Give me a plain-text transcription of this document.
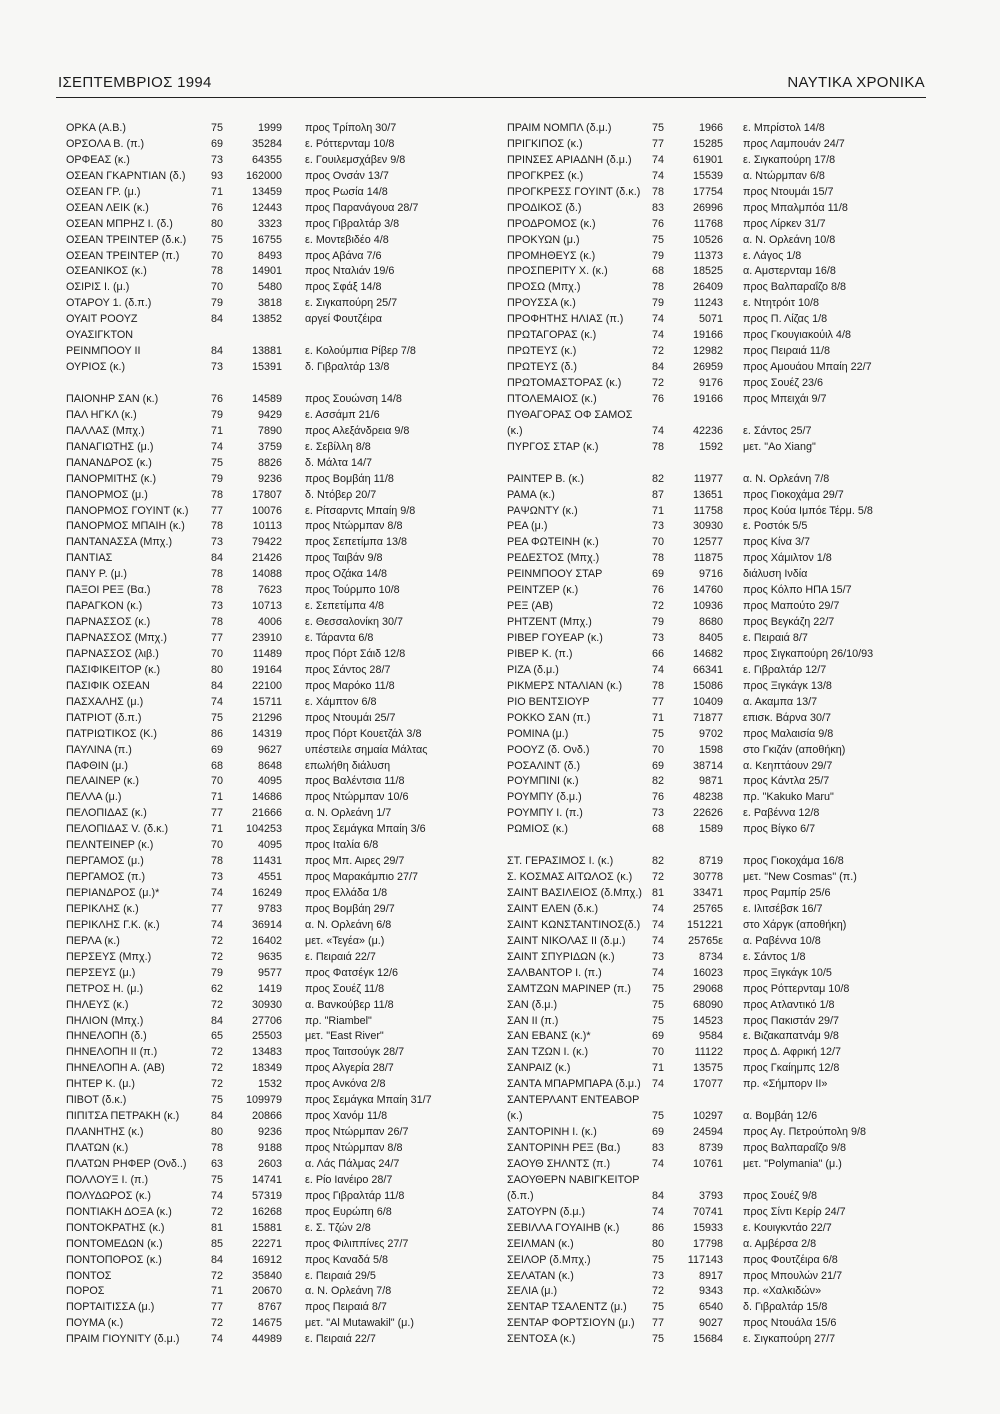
ΙΣΕΠΤΕΜΒΡΙΟΣ 1994	ΝΑΥΤΙΚΑ ΧΡΟΝΙΚΑ
ΟΡΚΑ (Α.Β.)	75	1999 προς Τρίπολη 30/7
ΟΡΣΟΛΑ Β. (π.)	69	35284 ε. Ρόττερνταμ 10/8
ΟΡΦΕΑΣ (κ.)	73	64355 ε. Γουιλεμσχάβεν 9/8
ΟΣΕΑΝ ΓΚΑΡΝΤΙΑΝ (δ.) 93	162000 προς Ονσάν 13/7
ΟΣΕΑΝ ΓΡ. (μ.)	71	13459 προς Ρωσία 14/8
ΟΣΕΑΝ ΛΕΙΚ (κ.)	76	12443 προς Παρανάγουα 28/7
ΟΣΕΑΝ ΜΠΡΗΖ Ι. (δ.)	80	3323 προς Γιβραλτάρ 3/8
ΟΣΕΑΝ ΤΡΕΙΝΤΕΡ (δ.κ.) 75	16755 ε. Μοντεβιδέο 4/8
ΟΣΕΑΝ ΤΡΕΙΝΤΕΡ (π.)	70	8493 προς Αβάνα 7/6
ΟΣΕΑΝΙΚΟΣ (κ.)	78	14901 προς Νταλιάν 19/6
ΟΣΙΡΙΣ Ι. (μ.)	70	5480 προς Σφάξ 14/8
ΟΤΑΡΟΥ 1. (δ.π.)	79	3818 ε. Σιγκαπούρη 25/7
ΟΥΑΙΤ ΡΟΟΥΖ	84	13852 αργεί Φουτζέιρα
ΟΥΑΣΙΓΚΤΟΝ
ΡΕΙΝΜΠΟΟΥ ΙΙ	84	13881 ε. Κολούμπια Ρίβερ 7/8
ΟΥΡΙΟΣ (κ.)	73	15391 δ. Γιβραλτάρ 13/8
ΠΑΙΟΝΗΡ ΣΑΝ (κ.)	76	14589 προς Σουώνση 14/8
ΠΑΛ ΗΓΚΛ (κ.)	79	9429 ε. Ασσάμπ 21/6
ΠΑΛΛΑΣ (Μπχ.)	71	7890 προς Αλεξάνδρεια 9/8
ΠΑΝΑΓΙΩΤΗΣ (μ.)	74	3759 ε. Σεβίλλη 8/8
ΠΑΝΑΝΔΡΟΣ (κ.)	75	8826 δ. Μάλτα 14/7
ΠΑΝΟΡΜΙΤΗΣ (κ.)	79	9236 προς Βομβάη 11/8
ΠΑΝΟΡΜΟΣ (μ.)	78	17807 δ. Ντόβερ 20/7
ΠΑΝΟΡΜΟΣ ΓΟΥΙΝΤ (κ.) 77	10076 ε. Ρίτσαρντς Μπαίη 9/8
ΠΑΝΟΡΜΟΣ ΜΠΑΙΗ (κ.) 78	10113 προς Ντώρμπαν 8/8
ΠΑΝΤΑΝΑΣΣΑ (Μπχ.)	73	79422 προς Σεπετίμπα 13/8
ΠΑΝΤΙΑΣ	84	21426 προς Ταιβάν 9/8
ΠΑΝΥ Ρ. (μ.)	78	14088 προς Οζάκα 14/8
ΠΑΞΟΙ ΡΕΞ (Βα.)	78	7623 προς Τούρμπο 10/8
ΠΑΡΑΓΚΟΝ (κ.)	73	10713 ε. Σεπετίμπα 4/8
ΠΑΡΝΑΣΣΟΣ (κ.)	78	4006 ε. Θεσσαλονίκη 30/7
ΠΑΡΝΑΣΣΟΣ (Μπχ.)	77	23910 ε. Τάραντα 6/8
ΠΑΡΝΑΣΣΟΣ (λιβ.)	70	11489 προς Πόρτ Σάιδ 12/8
ΠΑΣΙΦΙΚΕΙΤΟΡ (κ.)	80	19164 προς Σάντος 28/7
ΠΑΣΙΦΙΚ ΟΣΕΑΝ	84	22100 προς Μαρόκο 11/8
ΠΑΣΧΑΛΗΣ (μ.)	74	15711 ε. Χάμπτον 6/8
ΠΑΤΡΙΟΤ (δ.π.)	75	21296 προς Ντουμάι 25/7
ΠΑΤΡΙΩΤΙΚΟΣ (Κ.)	86	14319 προς Πόρτ Κουετζάλ 3/8
ΠΑΥΛΙΝΑ (π.)	69	9627 υπέστειλε σημαία Μάλτας
ΠΑΦΘΙΝ (μ.)	68	8648 επωλήθη διάλυση
ΠΕΛΑΙΝΕΡ (κ.)	70	4095 προς Βαλέντσια 11/8
ΠΕΛΛΑ (μ.)	71	14686 προς Ντώρμπαν 10/6
ΠΕΛΟΠΙΔΑΣ (κ.)	77	21666 α. Ν. Ορλεάνη 1/7
ΠΕΛΟΠΙΔΑΣ V. (δ.κ.)	71	104253 προς Σεμάγκα Μπαίη 3/6
ΠΕΛΝΤΕΙΝΕΡ (κ.)	70	4095 προς Ιταλία 6/8
ΠΕΡΓΑΜΟΣ (μ.)	78	11431 προς Μπ. Αιρες 29/7
ΠΕΡΓΑΜΟΣ (π.)	73	4551 προς Μαρακάμπιο 27/7
ΠΕΡΙΑΝΔΡΟΣ (μ.)*	74	16249 προς Ελλάδα 1/8
ΠΕΡΙΚΛΗΣ (κ.)	77	9783 προς Βομβάη 29/7
ΠΕΡΙΚΛΗΣ Γ.Κ. (κ.)	74	36914 α. Ν. Ορλεάνη 6/8
ΠΕΡΛΑ (κ.)	72	16402 μετ. «Τεγέα» (μ.)
ΠΕΡΣΕΥΣ (Μπχ.)	72	9635 ε. Πειραιά 22/7
ΠΕΡΣΕΥΣ (μ.)	79	9577 προς Φατσέγκ 12/6
ΠΕΤΡΟΣ Η. (μ.)	62	1419 προς Σουέζ 11/8
ΠΗΛΕΥΣ (κ.)	72	30930 α. Βανκούβερ 11/8
ΠΗΛΙΟΝ (Μπχ.)	84	27706 πρ. "Riambel"
ΠΗΝΕΛΟΠΗ (δ.)	65	25503 μετ. "East River"
ΠΗΝΕΛΟΠΗ ΙΙ (π.)	72	13483 προς Ταιτσούγκ 28/7
ΠΗΝΕΛΟΠΗ Α. (ΑΒ)	72	18349 προς Αλγερία 28/7
ΠΗΤΕΡ Κ. (μ.)	72	1532 προς Ανκόνα 2/8
ΠΙΒΟΤ (δ.κ.)	75	109979 προς Σεμάγκα Μπαίη 31/7
ΠΙΠΙΤΣΑ ΠΕΤΡΑΚΗ (κ.)	84	20866 προς Χανόμ 11/8
ΠΛΑΝΗΤΗΣ (κ.)	80	9236 προς Ντώρμπαν 26/7
ΠΛΑΤΩΝ (κ.)	78	9188 προς Ντώρμπαν 8/8
ΠΛΑΤΩΝ ΡΗΦΕΡ (Ονδ..) 63	2603 α. Λάς Πάλμας 24/7
ΠΟΛΛΟΥΞ Ι. (π.)	75	14741 ε. Ρίο Ιανέιρο 28/7
ΠΟΛΥΔΩΡΟΣ (κ.)	74	57319 προς Γιβραλτάρ 11/8
ΠΟΝΤΙΑΚΗ ΔΟΞΑ (κ.)	72	16268 προς Ευρώπη 6/8
ΠΟΝΤΟΚΡΑΤΗΣ (κ.)	81	15881 ε. Σ. Τζών 2/8
ΠΟΝΤΟΜΕΔΩΝ (κ.)	85	22271 προς Φιλιππίνες 27/7
ΠΟΝΤΟΠΟΡΟΣ (κ.)	84	16912 προς Καναδά 5/8
ΠΟΝΤΟΣ	72	35840 ε. Πειραιά 29/5
ΠΟΡΟΣ	71	20670 α. Ν. Ορλεάνη 7/8
ΠΟΡΤΑΙΤΙΣΣΑ (μ.)	77	8767 προς Πειραιά 8/7
ΠΟΥΜΑ (κ.)	72	14675 μετ. "Al Mutawakil" (μ.)
ΠΡΑΙΜ ΓΙΟΥΝΙΤΥ (δ.μ.)	74	44989 ε. Πειραιά 22/7
ΠΡΑΙΜ ΝΟΜΠΛ (δ.μ.)	75	1966 ε. Μπρίστολ 14/8
ΠΡΙΓΚΙΠΟΣ (κ.)	77	15285 προς Λαμπουάν 24/7
ΠΡΙΝΣΕΣ ΑΡΙΑΔΝΗ (δ.μ.) 74	61901 ε. Σιγκαπούρη 17/8
ΠΡΟΓΚΡΕΣ (κ.)	74	15539 α. Ντώρμπαν 6/8
ΠΡΟΓΚΡΕΣΣ ΓΟΥΙΝΤ (δ.κ.) 78	17754 προς Ντουμάι 15/7
ΠΡΟΔΙΚΟΣ (δ.)	83	26996 προς Μπαλμπόα 11/8
ΠΡΟΔΡΟΜΟΣ (κ.)	76	11768 προς Λίρκεν 31/7
ΠΡΟΚΥΩΝ (μ.)	75	10526 α. Ν. Ορλεάνη 10/8
ΠΡΟΜΗΘΕΥΣ (κ.)	79	11373 ε. Λάγος 1/8
ΠΡΟΣΠΕΡΙΤΥ Χ. (κ.)	68	18525 α. Αμστερνταμ 16/8
ΠΡΟΣΩ (Μπχ.)	78	26409 προς Βαλπαραΐζο 8/8
ΠΡΟΥΣΣΑ (κ.)	79	11243 ε. Ντητρόιτ 10/8
ΠΡΟΦΗΤΗΣ ΗΛΙΑΣ (π.)	74	5071 προς Π. Λίζας 1/8
ΠΡΩΤΑΓΟΡΑΣ (κ.)	74	19166 προς Γκουγιακούιλ 4/8
ΠΡΩΤΕΥΣ (κ.)	72	12982 προς Πειραιά 11/8
ΠΡΩΤΕΥΣ (δ.)	84	26959 προς Αμουάου Μπαίη 22/7
ΠΡΩΤΟΜΑΣΤΟΡΑΣ (κ.)	72	9176 προς Σουέζ 23/6
ΠΤΟΛΕΜΑΙΟΣ (κ.)	76	19166 προς Μπειχάι 9/7
ΠΥΘΑΓΟΡΑΣ ΟΦ ΣΑΜΟΣ
(κ.)	74	42236 ε. Σάντος 25/7
ΠΥΡΓΟΣ ΣΤΑΡ (κ.)	78	1592 μετ. "Ao Xiang"
ΡΑΙΝΤΕΡ Β. (κ.)	82	11977 α. Ν. Ορλεάνη 7/8
ΡΑΜΑ (κ.)	87	13651 προς Γιοκοχάμα 29/7
ΡΑΨΩΝΤΥ (κ.)	71	11758 προς Κούα Ιμπόε Τέρμ. 5/8
ΡΕΑ (μ.)	73	30930 ε. Ροστόκ 5/5
ΡΕΑ ΦΩΤΕΙΝΗ (κ.)	70	12577 προς Κίνα 3/7
ΡΕΔΕΣΤΟΣ (Μπχ.)	78	11875 προς Χάμιλτον 1/8
ΡΕΙΝΜΠΟΟΥ ΣΤΑΡ	69	9716 διάλυση Ινδία
ΡΕΙΝΤΖΕΡ (κ.)	76	14760 προς Κόλπο ΗΠΑ 15/7
ΡΕΞ (ΑΒ)	72	10936 προς Μαπούτο 29/7
ΡΗΤΖΕΝΤ (Μπχ.)	79	8680 προς Βεγκάζη 22/7
ΡΙΒΕΡ ΓΟΥΕΑΡ (κ.)	73	8405 ε. Πειραιά 8/7
ΡΙΒΕΡ Κ. (π.)	66	14682 προς Σιγκαπούρη 26/10/93
ΡΙΖΑ (δ.μ.)	74	66341 ε. Γιβραλτάρ 12/7
ΡΙΚΜΕΡΣ ΝΤΑΛΙΑΝ (κ.)	78	15086 προς Ξιγκάγκ 13/8
ΡΙΟ ΒΕΝΤΣΙΟΥΡ	77	10409 α. Ακαμπα 13/7
ΡΟΚΚΟ ΣΑΝ (π.)	71	71877 επισκ. Βάρνα 30/7
ΡΟΜΙΝΑ (μ.)	75	9702 προς Μαλαισία 9/8
ΡΟΟΥΖ (δ. Ονδ.)	70	1598 στο Γκιζάν (αποθήκη)
ΡΟΣΑΛΙΝΤ (δ.)	69	38714 α. Κεηπτάουν 29/7
ΡΟΥΜΠΙΝΙ (κ.)	82	9871 προς Κάντλα 25/7
ΡΟΥΜΠΥ (δ.μ.)	76	48238 πρ. "Kakuko Maru"
ΡΟΥΜΠΥ Ι. (π.)	73	22626 ε. Ραβέννα 12/8
ΡΩΜΙΟΣ (κ.)	68	1589 προς Βίγκο 6/7
ΣΤ. ΓΕΡΑΣΙΜΟΣ Ι. (κ.)	82	8719 προς Γιοκοχάμα 16/8
Σ. ΚΟΣΜΑΣ ΑΙΤΩΛΟΣ (κ.) 72	30778 μετ. "New Cosmas" (π.)
ΣΑΙΝΤ ΒΑΣΙΛΕΙΟΣ (δ.Μπχ.) 81	33471 προς Ραμπίρ 25/6
ΣΑΙΝΤ ΕΛΕΝ (δ.κ.)	74	25765 ε. Ιλιτσέβσκ 16/7
ΣΑΙΝΤ ΚΩΝΣΤΑΝΤΙΝΟΣ(δ.) 74	151221 στο Χάργκ (αποθήκη)
ΣΑΙΝΤ ΝΙΚΟΛΑΣ ΙΙ (δ.μ.) 74	25765ε α. Ραβέννα 10/8
ΣΑΙΝΤ ΣΠΥΡΙΔΩΝ (κ.)	73	8734 ε. Σάντος 1/8
ΣΑΛΒΑΝΤΟΡ Ι. (π.)	74	16023 προς Ξιγκάγκ 10/5
ΣΑΜΤΖΩΝ ΜΑΡΙΝΕΡ (π.) 75	29068 προς Ρόττερνταμ 10/8
ΣΑΝ (δ.μ.)	75	68090 προς Ατλαντικό 1/8
ΣΑΝ ΙΙ (π.)	75	14523 προς Πακιστάν 29/7
ΣΑΝ ΕΒΑΝΣ (κ.)*	69	9584 ε. Βιζακαπατνάμ 9/8
ΣΑΝ ΤΖΩΝ Ι. (κ.)	70	11122 προς Δ. Αφρική 12/7
ΣΑΝΡΑΙΖ (κ.)	71	13575 προς Γκαίημπς 12/8
ΣΑΝΤΑ ΜΠΑΡΜΠΑΡΑ (δ.μ.) 74	17077 πρ. «Σήμπορν ΙΙ»
ΣΑΝΤΕΡΛΑΝΤ ΕΝΤΕΑΒΟΡ
(κ.)	75	10297 α. Βομβάη 12/6
ΣΑΝΤΟΡΙΝΗ Ι. (κ.)	69	24594 προς Αγ. Πετρούπολη 9/8
ΣΑΝΤΟΡΙΝΗ ΡΕΞ (Βα.)	83	8739 προς Βαλπαραΐζο 9/8
ΣΑΟΥΘ ΣΗΛΝΤΣ (π.)	74	10761 μετ. "Polymania" (μ.)
ΣΑΟΥΘΕΡΝ ΝΑΒΙΓΚΕΙΤΟΡ
(δ.π.)	84	3793 προς Σουέζ 9/8
ΣΑΤΟΥΡΝ (δ.μ.)	74	70741 προς Σίντι Κερίρ 24/7
ΣΕΒΙΛΛΑ ΓΟΥΑΙΗΒ (κ.)	86	15933 ε. Κουιγκντάο 22/7
ΣΕΙΛΜΑΝ (κ.)	80	17798 α. Αμβέρσα 2/8
ΣΕΙΛΟΡ (δ.Μπχ.)	75	117143 προς Φουτζέιρα 6/8
ΣΕΛΑΤΑΝ (κ.)	73	8917 προς Μπουλών 21/7
ΣΕΛΙΑ (μ.)	72	9343 πρ. «Χαλκιδών»
ΣΕΝΤΑΡ ΤΣΑΛΕΝΤΖ (μ.) 75	6540 δ. Γιβραλτάρ 15/8
ΣΕΝΤΑΡ ΦΟΡΤΣΙΟΥΝ (μ.) 77	9027 προς Ντουάλα 15/6
ΣΕΝΤΟΣΑ (κ.)	75	15684 ε. Σιγκαπούρη 27/7
